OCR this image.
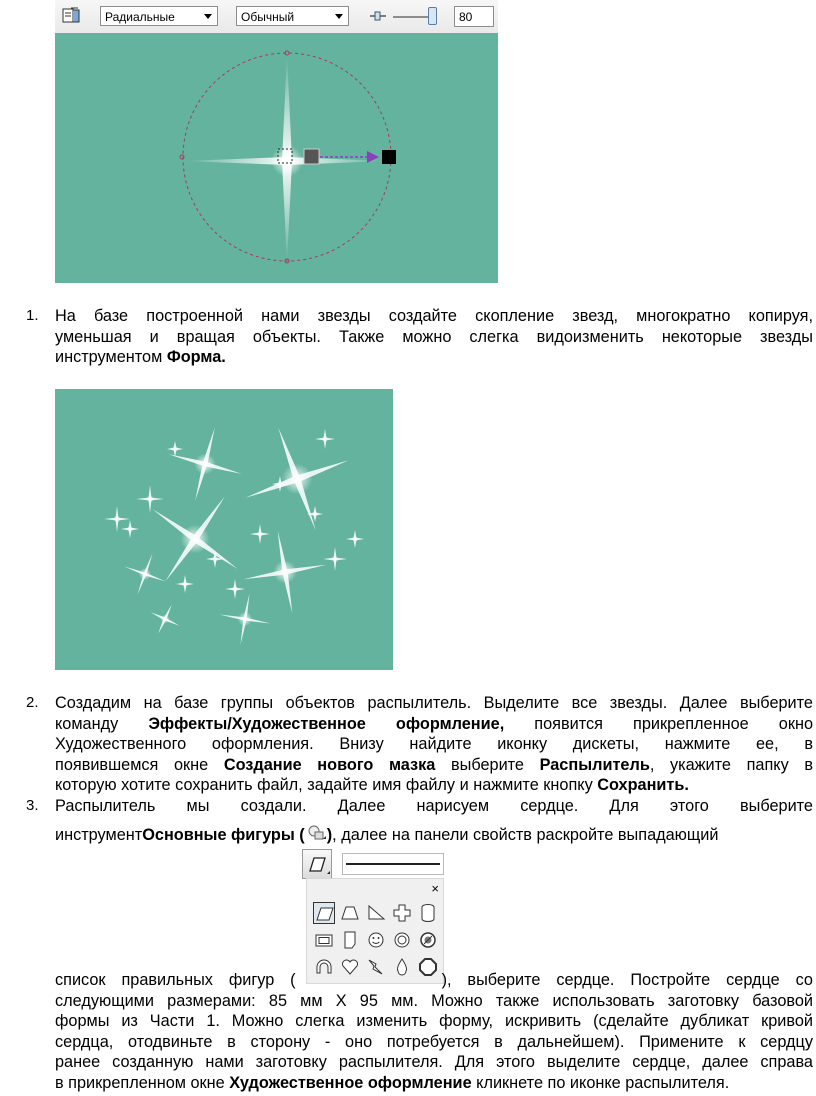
Радиальные	Обычный	80
1. На базе построенной нами звезды создайте скопление звезд, многократно копируя,
уменьшая и вращая объекты. Также можно слегка видоизменить некоторые звезды
инструментом Форма.
2. Создадим на базе группы объектов распылитель. Выделите все звезды. Далее выберите
команду Эффекты/Художественное оформление, появится прикрепленное окно
Художественного оформления. Внизу найдите иконку дискеты, нажмите ее, в
появившемся окне Создание нового мазка выберите Распылитель, укажите папку в
которую хотите сохранить файл, задайте имя файлу и нажмите кнопку Сохранить.
3. Распылитель мы создали. Далее нарисуем сердце. Для этого выберите
инструментОсновные фигуры ( ), далее на панели свойств раскройте выпадающий
×
список правильных фигур (	), выберите сердце. Постройте сердце со
следующими размерами: 85 мм Х 95 мм. Можно также использовать заготовку базовой
формы из Части 1. Можно слегка изменить форму, искривить (сделайте дубликат кривой
сердца, отодвиньте в сторону - оно потребуется в дальнейшем). Примените к сердцу
ранее созданную нами заготовку распылителя. Для этого выделите сердце, далее справа
в прикрепленном окне Художественное оформление кликнете по иконке распылителя.
